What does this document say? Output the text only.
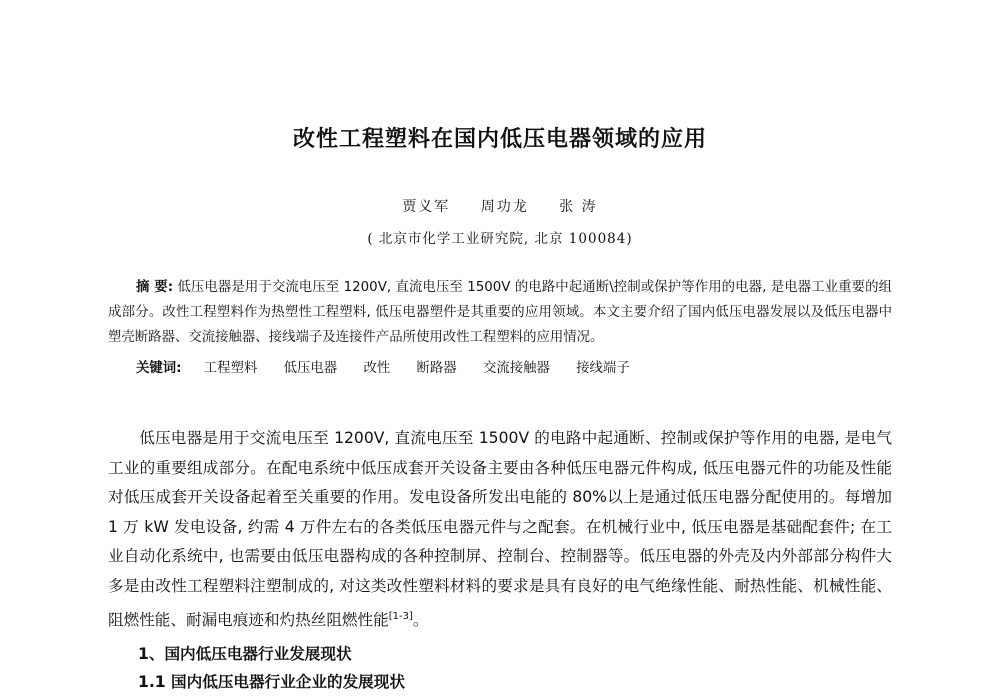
改性工程塑料在国内低压电器领域的应用
贾义军 周功龙 张 涛
( 北京市化学工业研究院, 北京 100084)
摘 要: 低压电器是用于交流电压至 1200V, 直流电压至 1500V 的电路中起通断\控制或保护等作用的电器, 是电器工业重要的组成部分。改性工程塑料作为热塑性工程塑料, 低压电器塑件是其重要的应用领域。本文主要介绍了国内低压电器发展以及低压电器中塑壳断路器、交流接触器、接线端子及连接件产品所使用改性工程塑料的应用情况。
关键词: 工程塑料 低压电器 改性 断路器 交流接触器 接线端子
低压电器是用于交流电压至 1200V, 直流电压至 1500V 的电路中起通断、控制或保护等作用的电器, 是电气工业的重要组成部分。在配电系统中低压成套开关设备主要由各种低压电器元件构成, 低压电器元件的功能及性能对低压成套开关设备起着至关重要的作用。发电设备所发出电能的 80%以上是通过低压电器分配使用的。每增加 1 万 kW 发电设备, 约需 4 万件左右的各类低压电器元件与之配套。在机械行业中, 低压电器是基础配套件; 在工业自动化系统中, 也需要由低压电器构成的各种控制屏、控制台、控制器等。低压电器的外壳及内外部部分构件大多是由改性工程塑料注塑制成的, 对这类改性塑料材料的要求是具有良好的电气绝缘性能、耐热性能、机械性能、阻燃性能、耐漏电痕迹和灼热丝阻燃性能[1-3]。
1、国内低压电器行业发展现状
1.1 国内低压电器行业企业的发展现状
